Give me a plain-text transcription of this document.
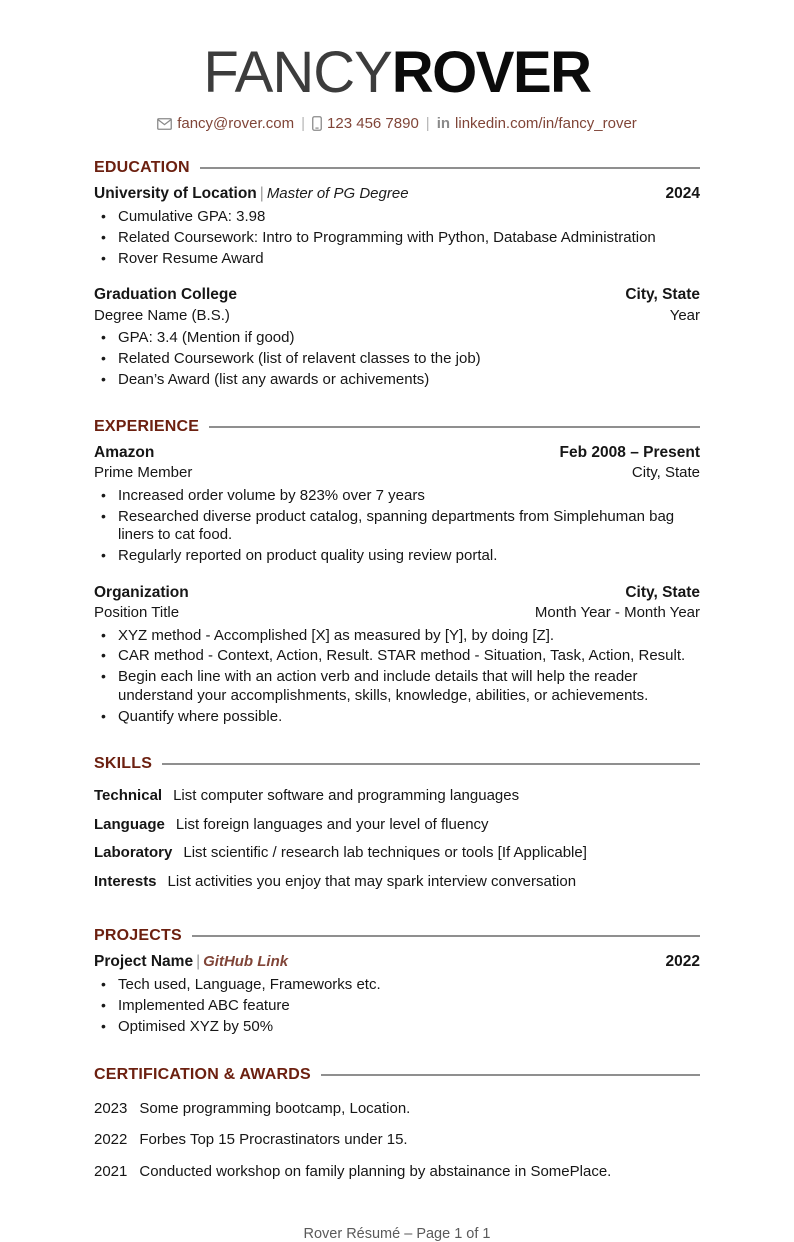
FANCYROVER
fancy@rover.com | 123 456 7890 | in linkedin.com/in/fancy_rover
EDUCATION
University of Location | Master of PG Degree	2024
• Cumulative GPA: 3.98
• Related Coursework: Intro to Programming with Python, Database Administration
• Rover Resume Award
Graduation College	City, State
Degree Name (B.S.)	Year
• GPA: 3.4 (Mention if good)
• Related Coursework (list of relavent classes to the job)
• Dean’s Award (list any awards or achivements)
EXPERIENCE
Amazon	Feb 2008 – Present
Prime Member	City, State
• Increased order volume by 823% over 7 years
• Researched diverse product catalog, spanning departments from Simplehuman bag liners to cat food.
• Regularly reported on product quality using review portal.
Organization	City, State
Position Title	Month Year - Month Year
• XYZ method - Accomplished [X] as measured by [Y], by doing [Z].
• CAR method - Context, Action, Result. STAR method - Situation, Task, Action, Result.
• Begin each line with an action verb and include details that will help the reader understand your accomplishments, skills, knowledge, abilities, or achievements.
• Quantify where possible.
SKILLS
Technical List computer software and programming languages
Language List foreign languages and your level of fluency
Laboratory List scientific / research lab techniques or tools [If Applicable]
Interests List activities you enjoy that may spark interview conversation
PROJECTS
Project Name | GitHub Link	2022
• Tech used, Language, Frameworks etc.
• Implemented ABC feature
• Optimised XYZ by 50%
CERTIFICATION & AWARDS
2023 Some programming bootcamp, Location.
2022 Forbes Top 15 Procrastinators under 15.
2021 Conducted workshop on family planning by abstainance in SomePlace.
Rover Résumé – Page 1 of 1
